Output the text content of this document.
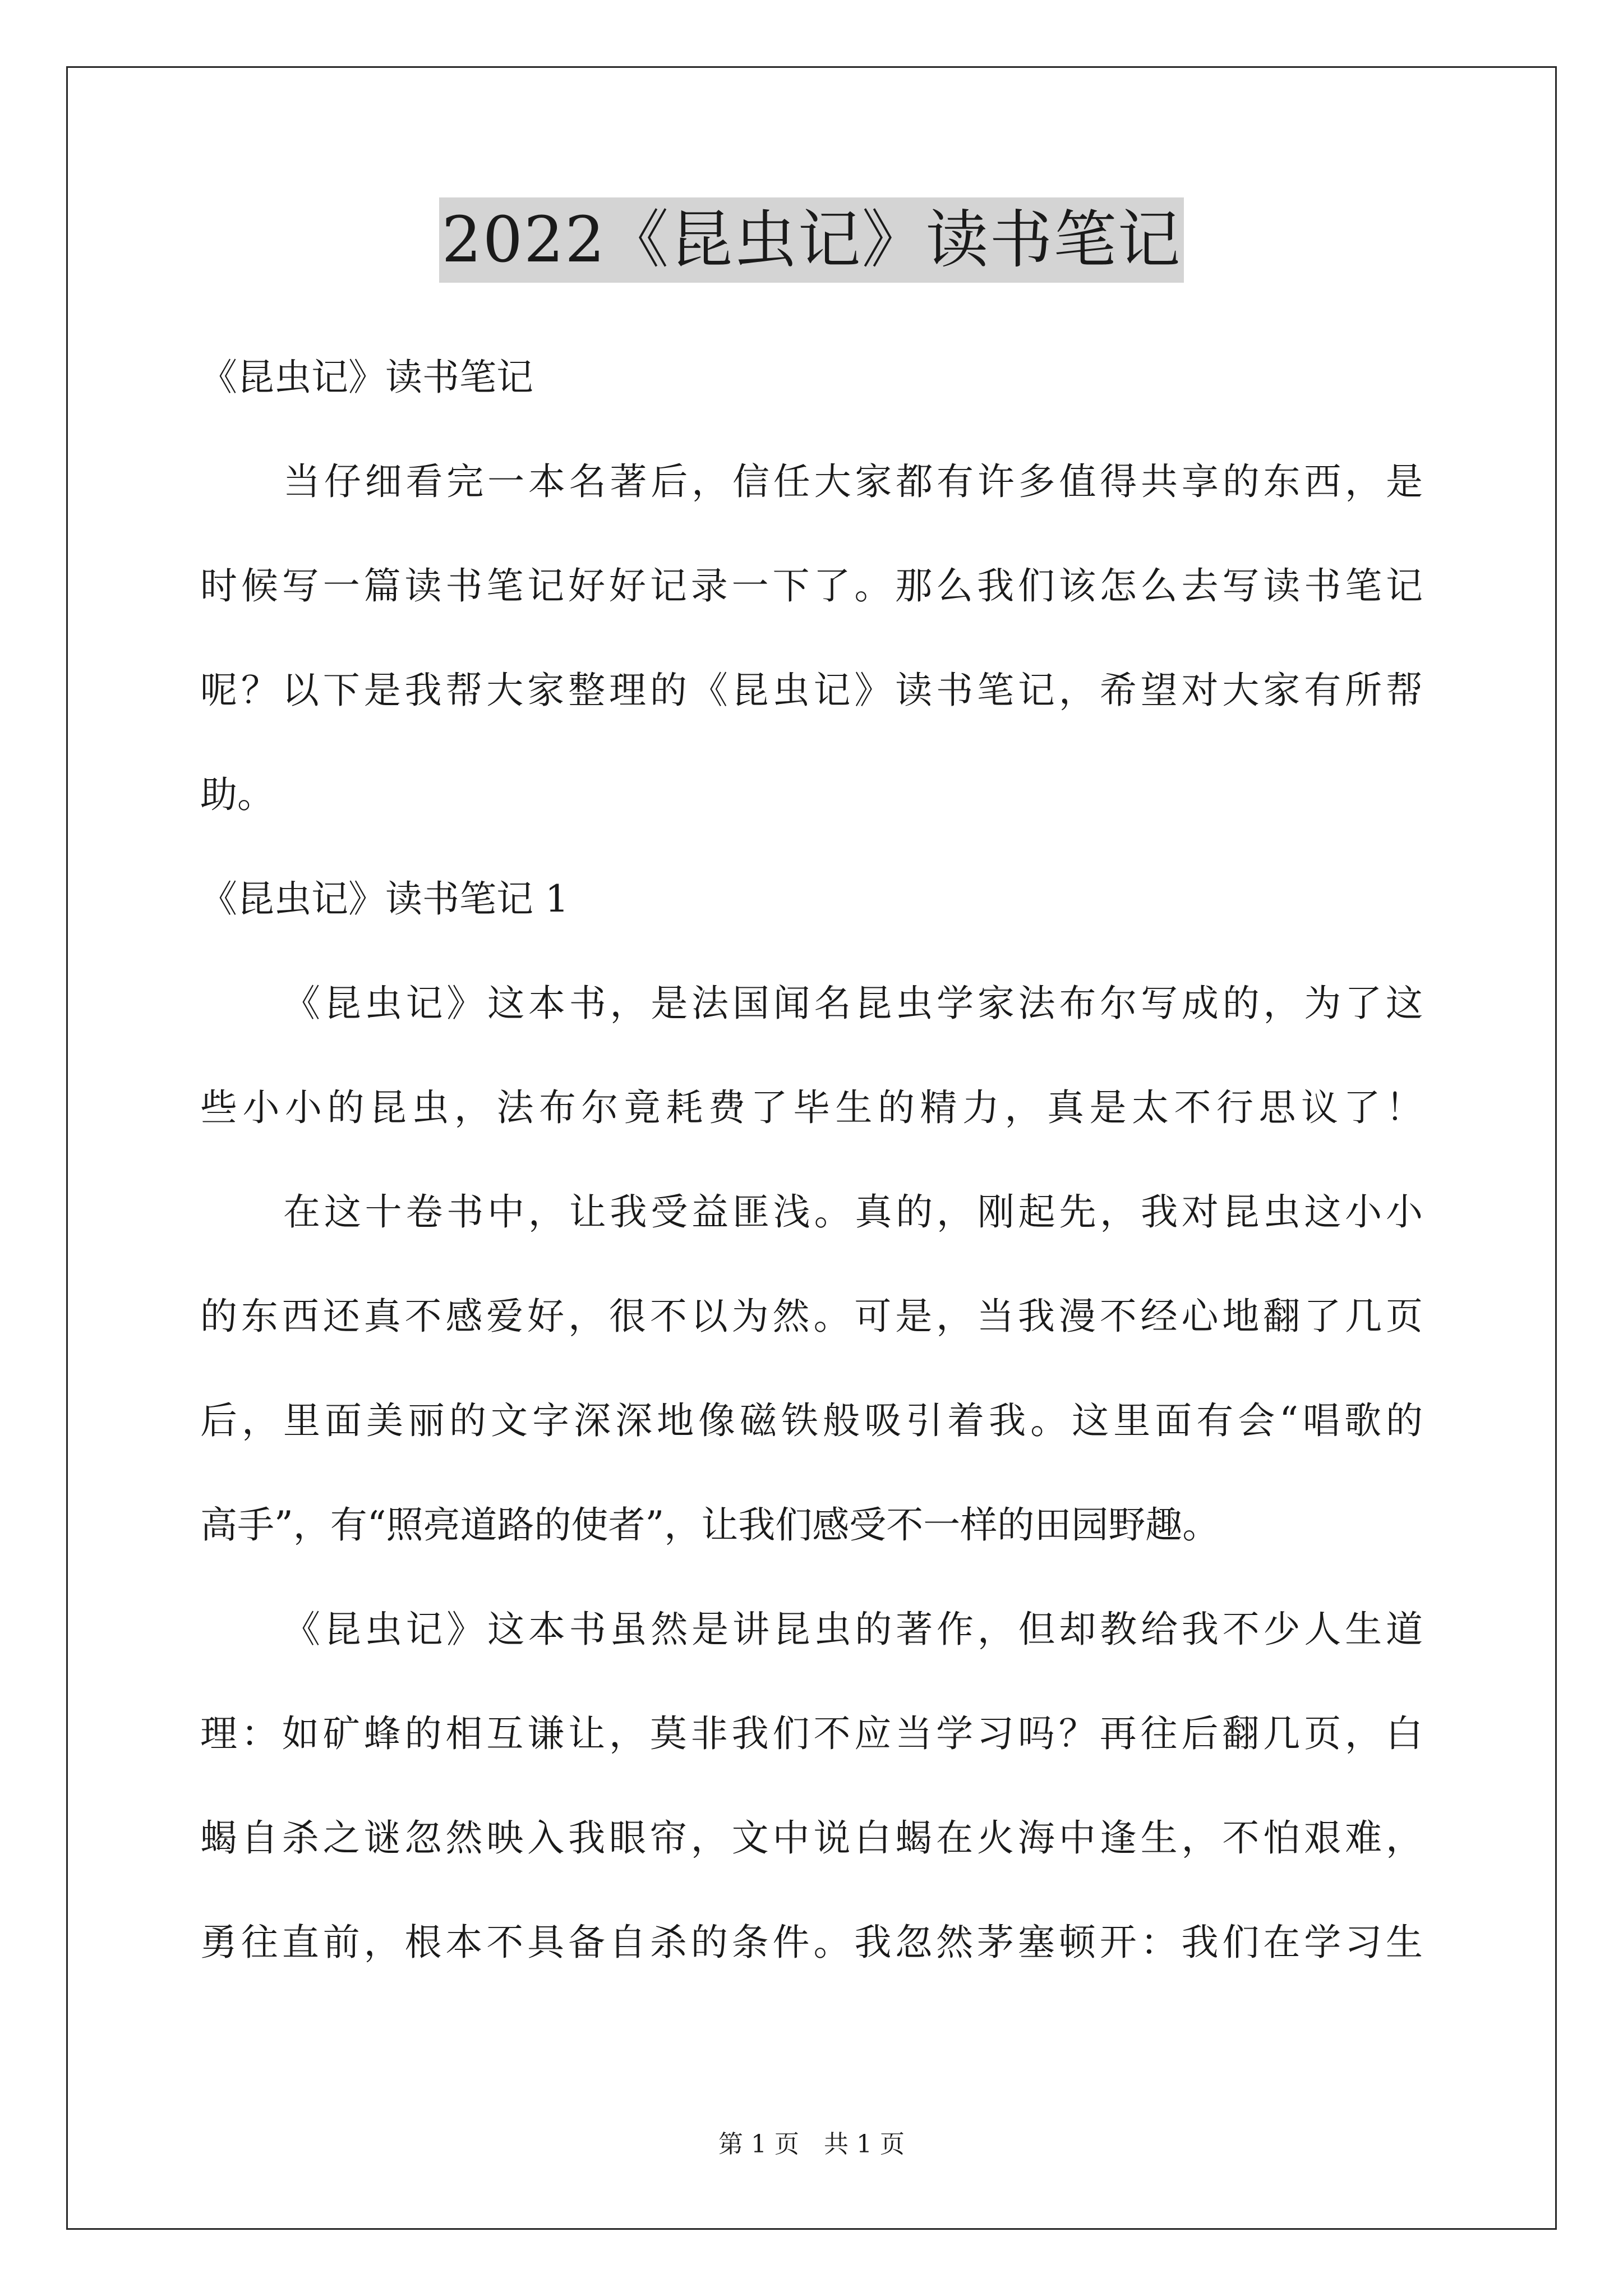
2022《昆虫记》读书笔记

《昆虫记》读书笔记

当仔细看完一本名著后，信任大家都有许多值得共享的东西，是

时候写一篇读书笔记好好记录一下了。那么我们该怎么去写读书笔记

呢？以下是我帮大家整理的《昆虫记》读书笔记，希望对大家有所帮

助。

《昆虫记》读书笔记 1

《昆虫记》这本书，是法国闻名昆虫学家法布尔写成的，为了这

些小小的昆虫，法布尔竟耗费了毕生的精力，真是太不行思议了！

在这十卷书中，让我受益匪浅。真的，刚起先，我对昆虫这小小

的东西还真不感爱好，很不以为然。可是，当我漫不经心地翻了几页

后，里面美丽的文字深深地像磁铁般吸引着我。这里面有会“唱歌的

高手”，有“照亮道路的使者”，让我们感受不一样的田园野趣。

《昆虫记》这本书虽然是讲昆虫的著作，但却教给我不少人生道

理：如矿蜂的相互谦让，莫非我们不应当学习吗？再往后翻几页，白

蝎自杀之谜忽然映入我眼帘，文中说白蝎在火海中逢生，不怕艰难，

勇往直前，根本不具备自杀的条件。我忽然茅塞顿开：我们在学习生

第 1 页　共 1 页
